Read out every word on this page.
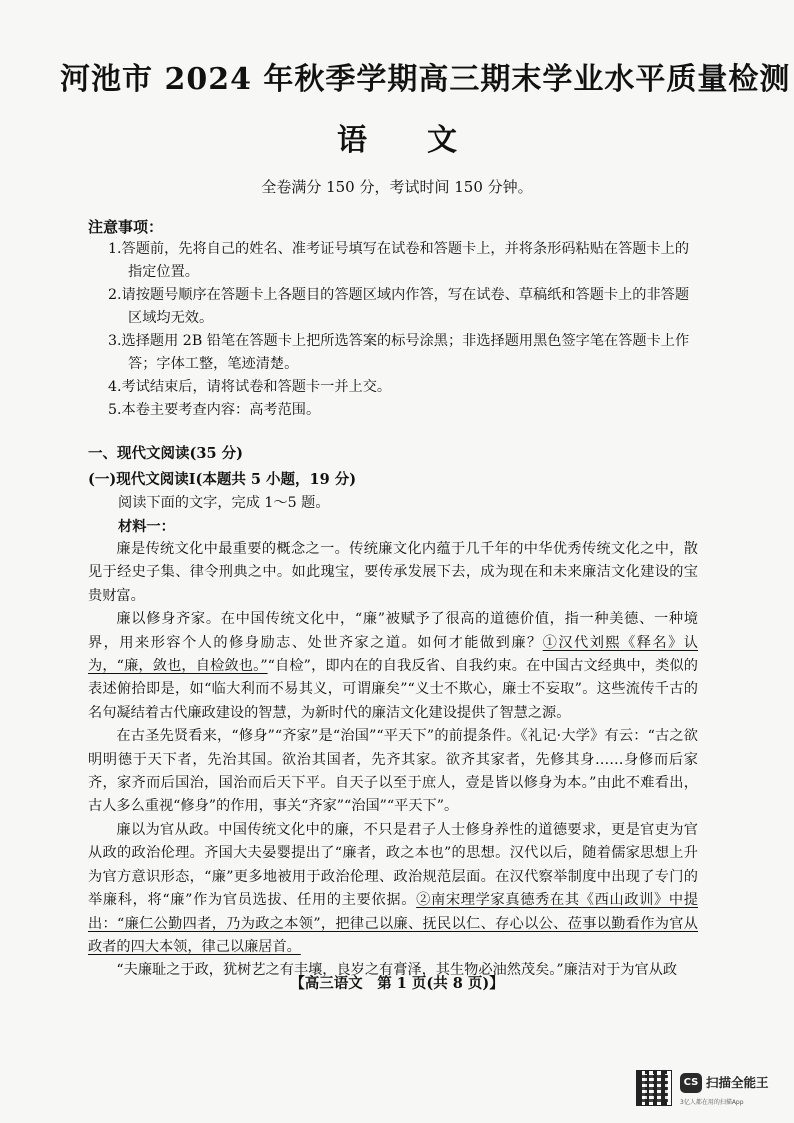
河池市 2024 年秋季学期高三期末学业水平质量检测
语文
全卷满分 150 分，考试时间 150 分钟。
注意事项：

1.答题前，先将自己的姓名、准考证号填写在试卷和答题卡上，并将条形码粘贴在答题卡上的指定位置。

2.请按题号顺序在答题卡上各题目的答题区域内作答，写在试卷、草稿纸和答题卡上的非答题区域均无效。

3.选择题用 2B 铅笔在答题卡上把所选答案的标号涂黑；非选择题用黑色签字笔在答题卡上作答；字体工整，笔迹清楚。

4.考试结束后，请将试卷和答题卡一并上交。

5.本卷主要考查内容：高考范围。

一、现代文阅读(35 分)
(一)现代文阅读Ⅰ(本题共 5 小题，19 分)
阅读下面的文字，完成 1～5 题。
材料一：

廉是传统文化中最重要的概念之一。传统廉文化内蕴于几千年的中华优秀传统文化之中，散见于经史子集、律令刑典之中。如此瑰宝，要传承发展下去，成为现在和未来廉洁文化建设的宝贵财富。

廉以修身齐家。在中国传统文化中，“廉”被赋予了很高的道德价值，指一种美德、一种境界，用来形容个人的修身励志、处世齐家之道。如何才能做到廉？①汉代刘熙《释名》认为，“廉，敛也，自检敛也。”“自检”，即内在的自我反省、自我约束。在中国古文经典中，类似的表述俯拾即是，如“临大利而不易其义，可谓廉矣”“义士不欺心，廉士不妄取”。这些流传千古的名句凝结着古代廉政建设的智慧，为新时代的廉洁文化建设提供了智慧之源。

在古圣先贤看来，“修身”“齐家”是“治国”“平天下”的前提条件。《礼记·大学》有云：“古之欲明明德于天下者，先治其国。欲治其国者，先齐其家。欲齐其家者，先修其身……身修而后家齐，家齐而后国治，国治而后天下平。自天子以至于庶人，壹是皆以修身为本。”由此不难看出，古人多么重视“修身”的作用，事关“齐家”“治国”“平天下”。

廉以为官从政。中国传统文化中的廉，不只是君子人士修身养性的道德要求，更是官吏为官从政的政治伦理。齐国大夫晏婴提出了“廉者，政之本也”的思想。汉代以后，随着儒家思想上升为官方意识形态，“廉”更多地被用于政治伦理、政治规范层面。在汉代察举制度中出现了专门的举廉科，将“廉”作为官员选拔、任用的主要依据。②南宋理学家真德秀在其《西山政训》中提出：“廉仁公勤四者，乃为政之本领”，把律己以廉、抚民以仁、存心以公、莅事以勤看作为官从政者的四大本领，律己以廉居首。

“夫廉耻之于政，犹树艺之有丰壤，良岁之有膏泽，其生物必油然茂矣。”廉洁对于为官从政

【高三语文　第 1 页(共 8 页)】
CS 扫描全能王
3亿人都在用的扫描App
